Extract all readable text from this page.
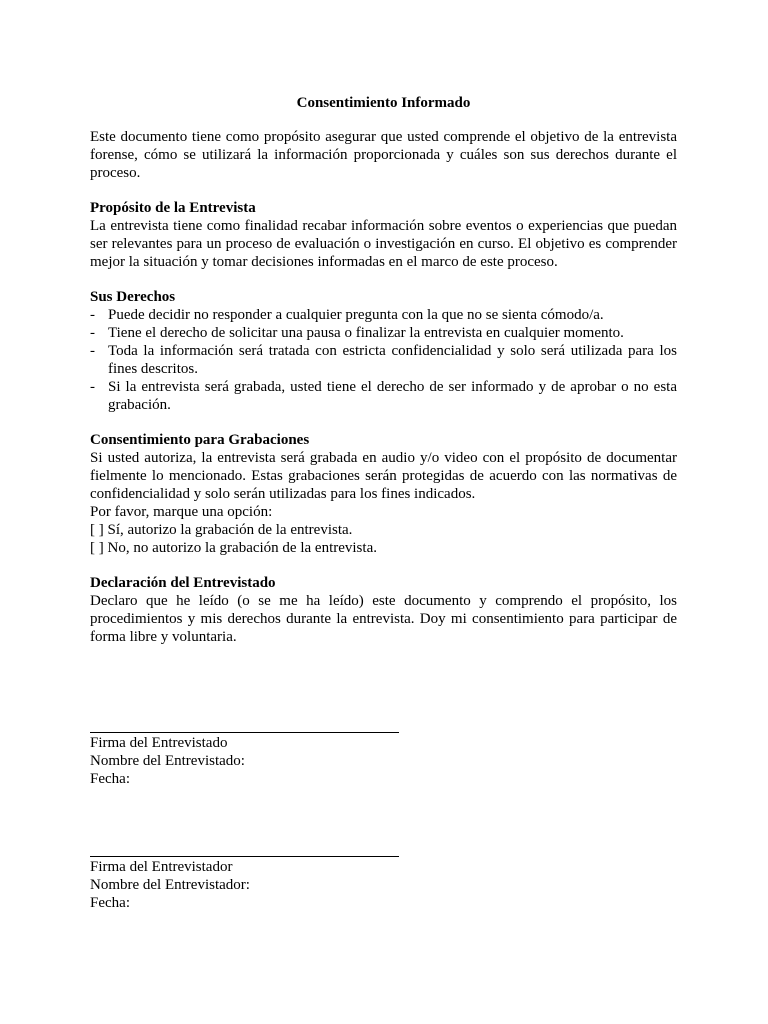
Consentimiento Informado

Este documento tiene como propósito asegurar que usted comprende el objetivo de la entrevista forense, cómo se utilizará la información proporcionada y cuáles son sus derechos durante el proceso.

Propósito de la Entrevista

La entrevista tiene como finalidad recabar información sobre eventos o experiencias que puedan ser relevantes para un proceso de evaluación o investigación en curso. El objetivo es comprender mejor la situación y tomar decisiones informadas en el marco de este proceso.

Sus Derechos
- Puede decidir no responder a cualquier pregunta con la que no se sienta cómodo/a.
- Tiene el derecho de solicitar una pausa o finalizar la entrevista en cualquier momento.
- Toda la información será tratada con estricta confidencialidad y solo será utilizada para los fines descritos.
- Si la entrevista será grabada, usted tiene el derecho de ser informado y de aprobar o no esta grabación.
Consentimiento para Grabaciones

Si usted autoriza, la entrevista será grabada en audio y/o video con el propósito de documentar fielmente lo mencionado. Estas grabaciones serán protegidas de acuerdo con las normativas de confidencialidad y solo serán utilizadas para los fines indicados.

Por favor, marque una opción:
[ ] Sí, autorizo la grabación de la entrevista.
[ ] No, no autorizo la grabación de la entrevista.
Declaración del Entrevistado

Declaro que he leído (o se me ha leído) este documento y comprendo el propósito, los procedimientos y mis derechos durante la entrevista. Doy mi consentimiento para participar de forma libre y voluntaria.

Firma del Entrevistado
Nombre del Entrevistado:
Fecha:
Firma del Entrevistador
Nombre del Entrevistador:
Fecha:
